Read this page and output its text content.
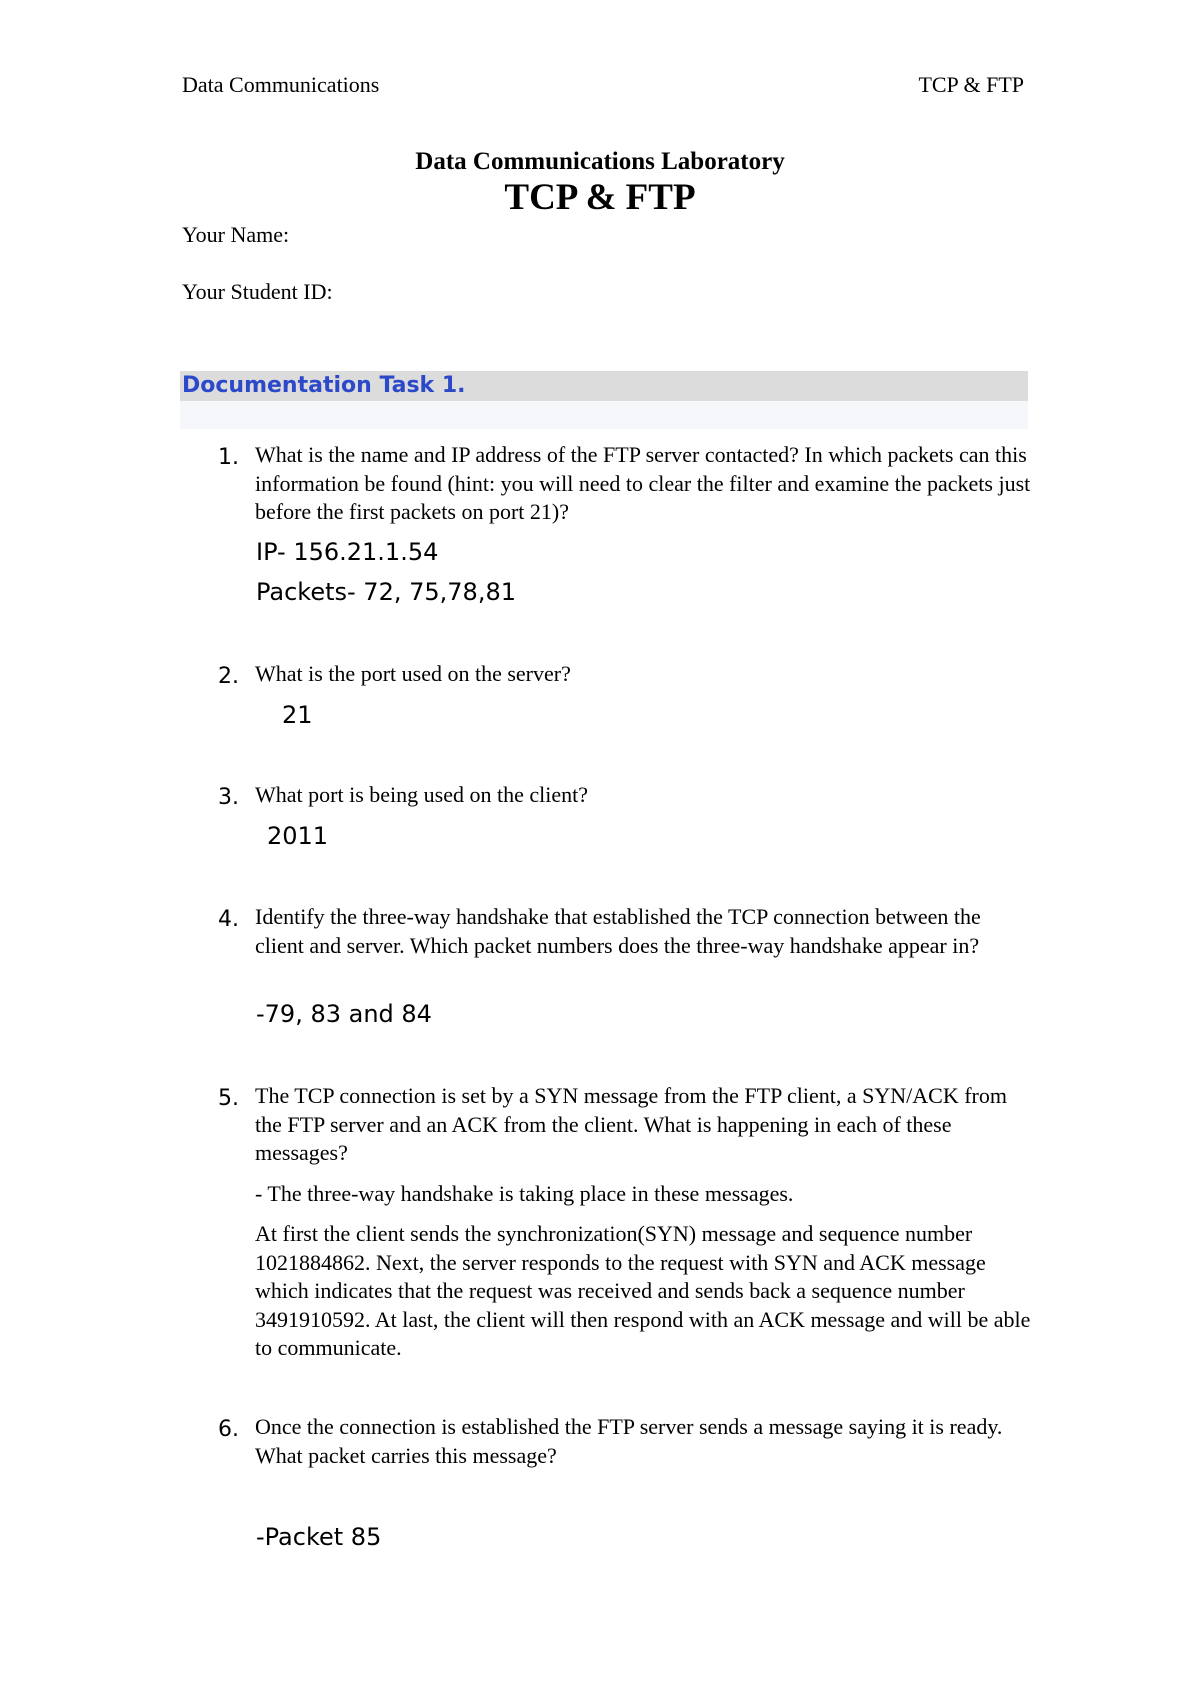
Data Communications	TCP & FTP
Data Communications Laboratory
TCP & FTP
Your Name:
Your Student ID:
Documentation Task 1.
1. What is the name and IP address of the FTP server contacted? In which packets can this information be found (hint: you will need to clear the filter and examine the packets just before the first packets on port 21)?
IP- 156.21.1.54
Packets- 72, 75,78,81
2. What is the port used on the server?
21
3. What port is being used on the client?
2011
4. Identify the three-way handshake that established the TCP connection between the client and server. Which packet numbers does the three-way handshake appear in?
-79, 83 and 84
5. The TCP connection is set by a SYN message from the FTP client, a SYN/ACK from the FTP server and an ACK from the client. What is happening in each of these messages?
- The three-way handshake is taking place in these messages.
At first the client sends the synchronization(SYN) message and sequence number 1021884862. Next, the server responds to the request with SYN and ACK message which indicates that the request was received and sends back a sequence number 3491910592. At last, the client will then respond with an ACK message and will be able to communicate.
6. Once the connection is established the FTP server sends a message saying it is ready. What packet carries this message?
-Packet 85
